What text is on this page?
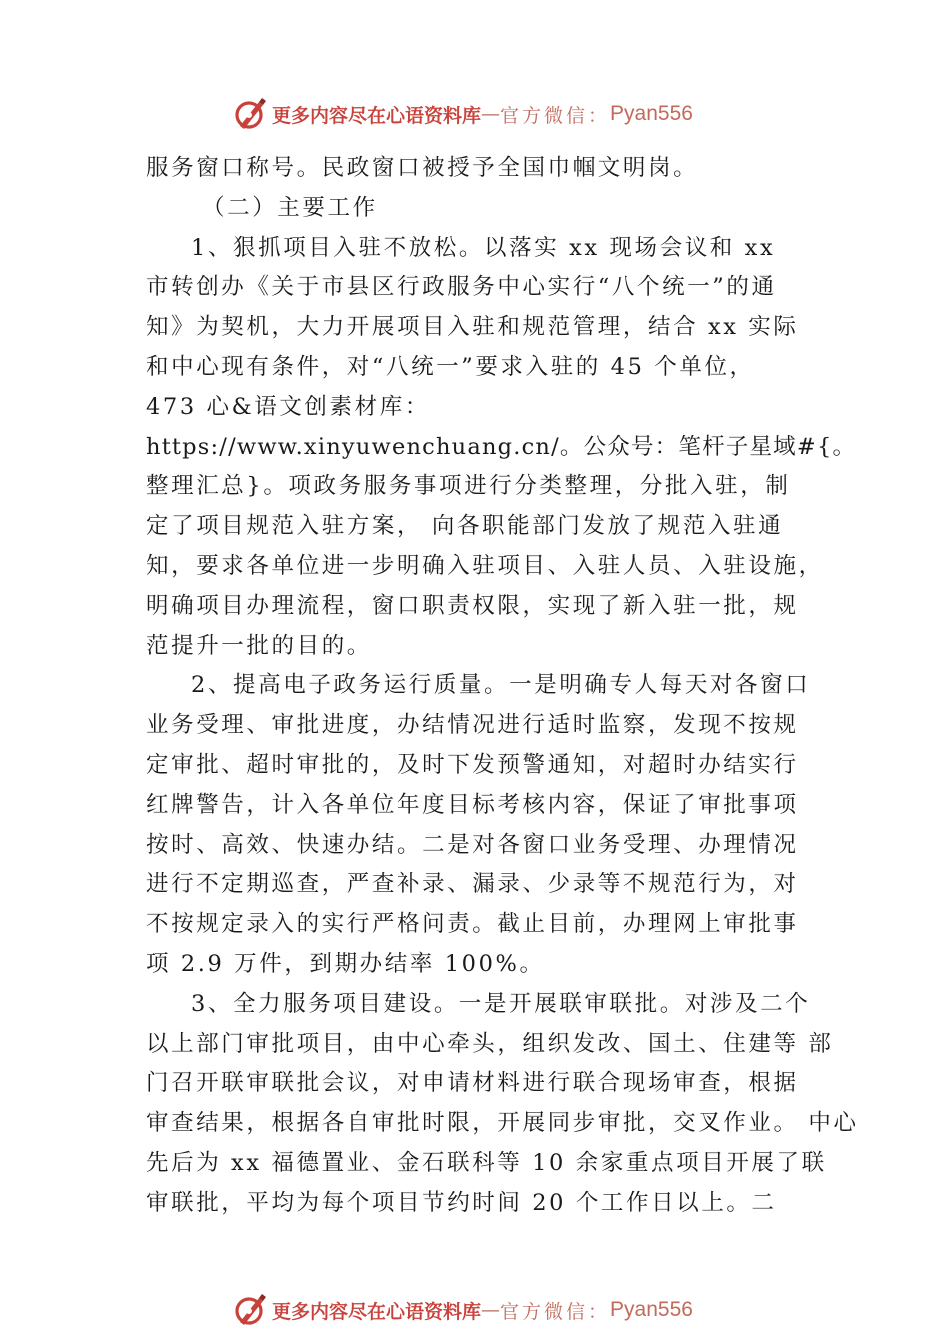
更多内容尽在心语资料库 — 官方微信： Pyan556
服务窗口称号。民政窗口被授予全国巾帼文明岗。
（二）主要工作
1、狠抓项目入驻不放松。以落实 xx 现场会议和 xx
市转创办《关于市县区行政服务中心实行“八个统一”的通
知》为契机，大力开展项目入驻和规范管理，结合 xx 实际
和中心现有条件，对“八统一”要求入驻的 45 个单位，
473 心&语文创素材库：
https://www.xinyuwenchuang.cn/。公众号：笔杆子星域#{。
整理汇总}。项政务服务事项进行分类整理，分批入驻，制
定了项目规范入驻方案， 向各职能部门发放了规范入驻通
知，要求各单位进一步明确入驻项目、入驻人员、入驻设施，
明确项目办理流程，窗口职责权限，实现了新入驻一批，规
范提升一批的目的。
2、提高电子政务运行质量。一是明确专人每天对各窗口
业务受理、审批进度，办结情况进行适时监察，发现不按规
定审批、超时审批的，及时下发预警通知，对超时办结实行
红牌警告，计入各单位年度目标考核内容，保证了审批事项
按时、高效、快速办结。二是对各窗口业务受理、办理情况
进行不定期巡查，严查补录、漏录、少录等不规范行为，对
不按规定录入的实行严格问责。截止目前，办理网上审批事
项 2.9 万件，到期办结率 100%。
3、全力服务项目建设。一是开展联审联批。对涉及二个
以上部门审批项目，由中心牵头，组织发改、国土、住建等 部
门召开联审联批会议，对申请材料进行联合现场审查，根据
审查结果，根据各自审批时限，开展同步审批，交叉作业。 中心
先后为 xx 福德置业、金石联科等 10 余家重点项目开展了联
审联批，平均为每个项目节约时间 20 个工作日以上。二
更多内容尽在心语资料库 — 官方微信： Pyan556
